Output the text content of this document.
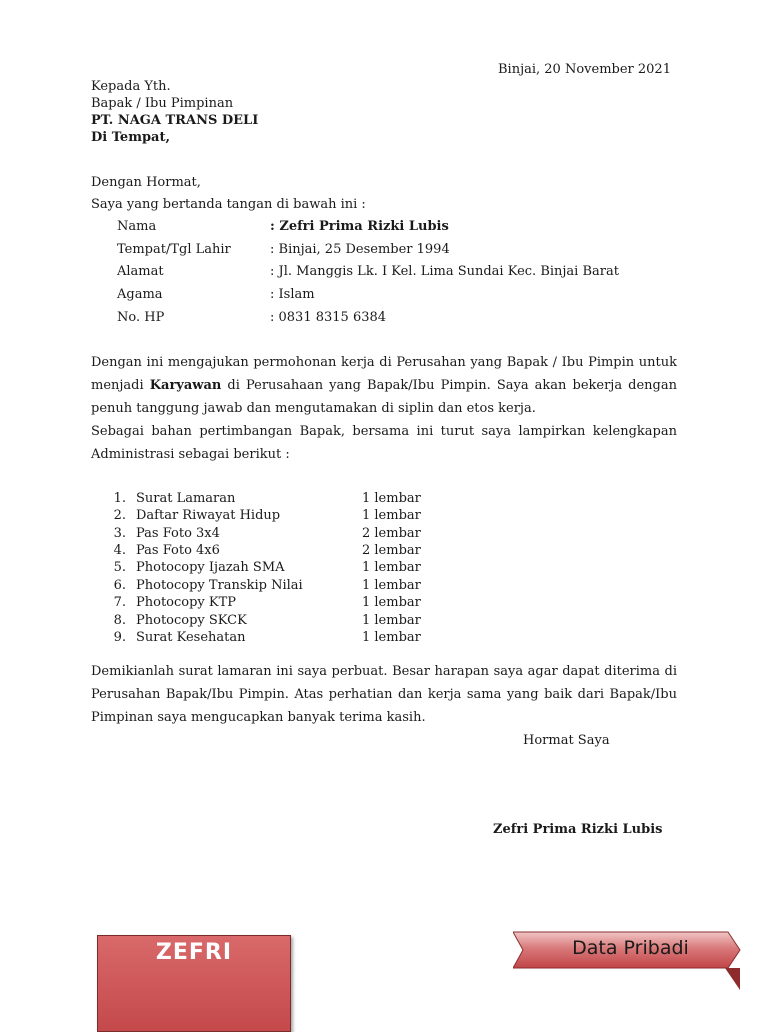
Binjai, 20 November 2021
Kepada Yth.
Bapak / Ibu Pimpinan
PT. NAGA TRANS DELI
Di Tempat,
Dengan Hormat,
Saya yang bertanda tangan di bawah ini :
Nama	: Zefri Prima Rizki Lubis
Tempat/Tgl Lahir	: Binjai, 25 Desember 1994
Alamat	: Jl. Manggis Lk. I Kel. Lima Sundai Kec. Binjai Barat
Agama	: Islam
No. HP	: 0831 8315 6384
Dengan ini mengajukan permohonan kerja di Perusahan yang Bapak / Ibu Pimpin untuk menjadi Karyawan di Perusahaan yang Bapak/Ibu Pimpin. Saya akan bekerja dengan penuh tanggung jawab dan mengutamakan di siplin dan etos kerja.
Sebagai bahan pertimbangan Bapak, bersama ini turut saya lampirkan kelengkapan Administrasi sebagai berikut :
1. Surat Lamaran	1 lembar
2. Daftar Riwayat Hidup	1 lembar
3. Pas Foto 3x4	2 lembar
4. Pas Foto 4x6	2 lembar
5. Photocopy Ijazah SMA	1 lembar
6. Photocopy Transkip Nilai	1 lembar
7. Photocopy KTP	1 lembar
8. Photocopy SKCK	1 lembar
9. Surat Kesehatan	1 lembar
Demikianlah surat lamaran ini saya perbuat. Besar harapan saya agar dapat diterima di Perusahan Bapak/Ibu Pimpin. Atas perhatian dan kerja sama yang baik dari Bapak/Ibu Pimpinan saya mengucapkan banyak terima kasih.
Hormat Saya
Zefri Prima Rizki Lubis
ZEFRI	Data Pribadi
